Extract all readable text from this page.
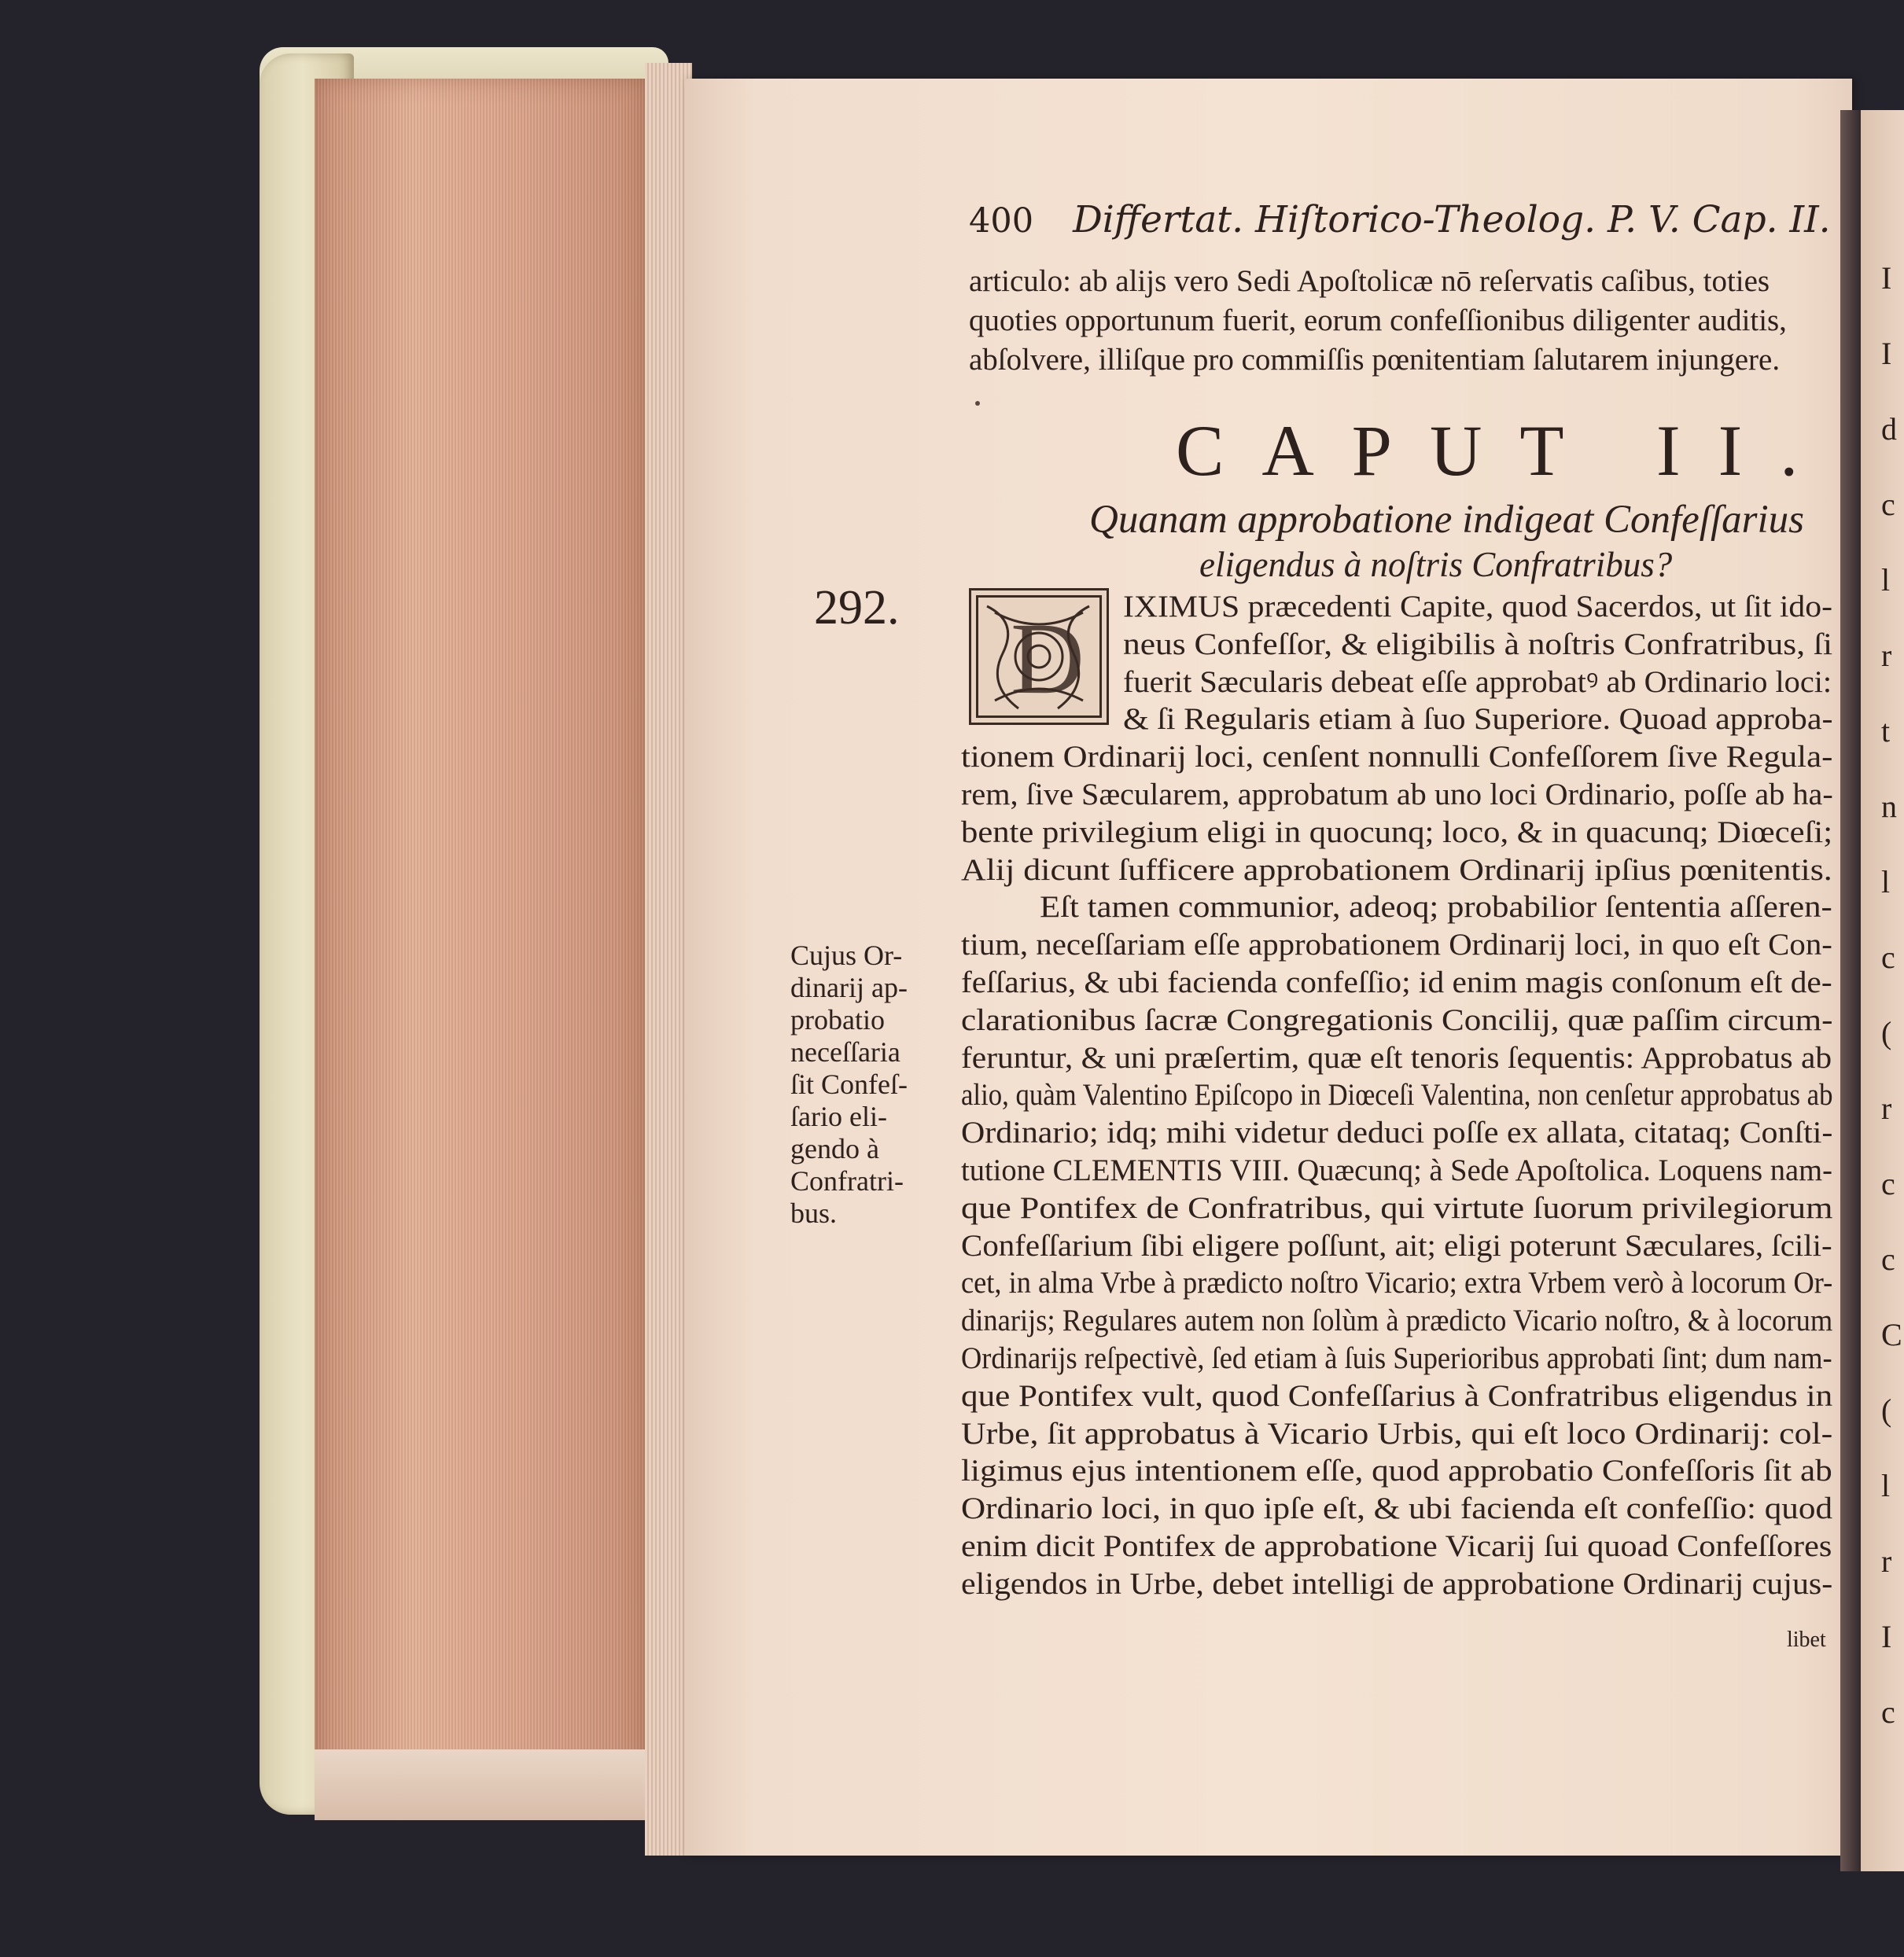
I
I
d
c
l
r
t
n
l
c
(
r
c
c
C
(
l
r
I
c
400 Differtat. Hiſtorico-Theolog. P. V. Cap. II.
articulo: ab alijs vero Sedi Apoſtolicæ nō reſervatis caſibus, toties
quoties opportunum fuerit, eorum confeſſionibus diligenter auditis,
abſolvere, illiſque pro commiſſis pœnitentiam ſalutarem injungere.
CAPUT II.
Quanam approbatione indigeat Confeſſarius
eligendus à noſtris Confratribus?
292. D IXIMUS præcedenti Capite, quod Sacerdos, ut ſit ido-
neus Confeſſor, & eligibilis à noſtris Confratribus, ſi
fuerit Sæcularis debeat eſſe approbatꝰ ab Ordinario loci:
& ſi Regularis etiam à ſuo Superiore. Quoad approba-
tionem Ordinarij loci, cenſent nonnulli Confeſſorem ſive Regula-
rem, ſive Sæcularem, approbatum ab uno loci Ordinario, poſſe ab ha-
bente privilegium eligi in quocunq; loco, & in quacunq; Diœceſi;
Alij dicunt ſufficere approbationem Ordinarij ipſius pœnitentis.
Eſt tamen communior, adeoq; probabilior ſententia aſſeren-
tium, neceſſariam eſſe approbationem Ordinarij loci, in quo eſt Con-
feſſarius, & ubi facienda confeſſio; id enim magis conſonum eſt de-
clarationibus ſacræ Congregationis Concilij, quæ paſſim circum-
feruntur, & uni præſertim, quæ eſt tenoris ſequentis: Approbatus ab
alio, quàm Valentino Epiſcopo in Diœceſi Valentina, non cenſetur approbatus ab
Ordinario; idq; mihi videtur deduci poſſe ex allata, citataq; Conſti-
tutione CLEMENTIS VIII. Quæcunq; à Sede Apoſtolica. Loquens nam-
que Pontifex de Confratribus, qui virtute ſuorum privilegiorum
Confeſſarium ſibi eligere poſſunt, ait; eligi poterunt Sæculares, ſcili-
cet, in alma Vrbe à prædicto noſtro Vicario; extra Vrbem verò à locorum Or-
dinarijs; Regulares autem non ſolùm à prædicto Vicario noſtro, & à locorum
Ordinarijs reſpectivè, ſed etiam à ſuis Superioribus approbati ſint; dum nam-
que Pontifex vult, quod Confeſſarius à Confratribus eligendus in
Urbe, ſit approbatus à Vicario Urbis, qui eſt loco Ordinarij: col-
ligimus ejus intentionem eſſe, quod approbatio Confeſſoris ſit ab
Ordinario loci, in quo ipſe eſt, & ubi facienda eſt confeſſio: quod
enim dicit Pontifex de approbatione Vicarij ſui quoad Confeſſores
eligendos in Urbe, debet intelligi de approbatione Ordinarij cujus-
libet
Cujus Or-
dinarij ap-
probatio
neceſſaria
ſit Confeſ-
ſario eli-
gendo à
Confratri-
bus.
